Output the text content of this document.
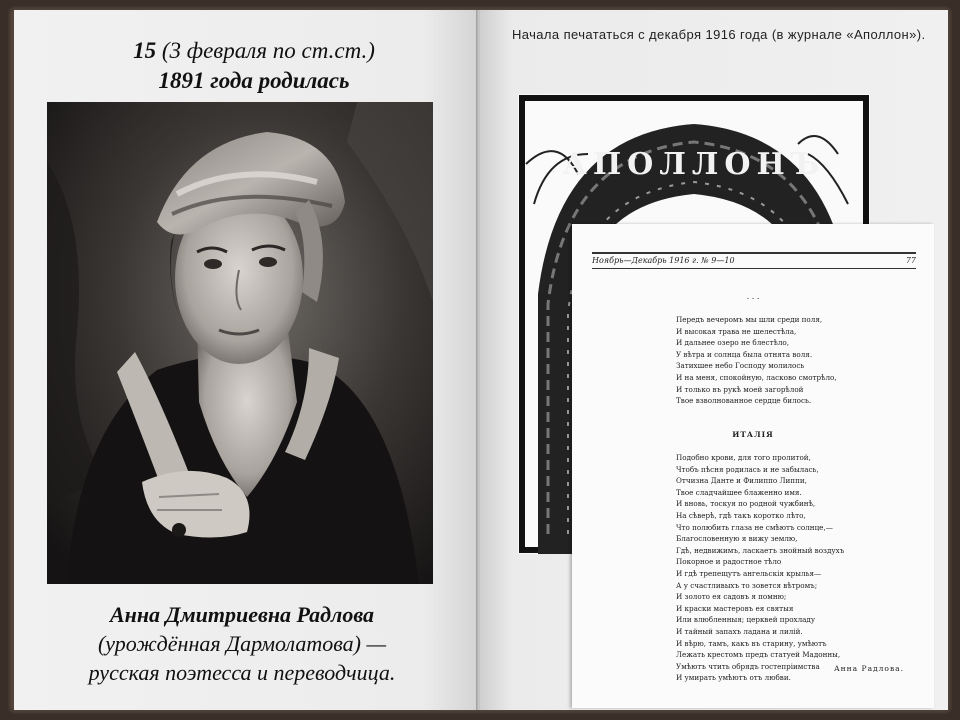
15 (3 февраля по ст.ст.)
1891 года родилась
Анна Дмитриевна Радлова
(урождённая Дармолатова) —
русская поэтесса и переводчица.
Начала печататься с декабря 1916 года (в журнале «Аполлон»).
АПОЛЛОНЪ
Ноябрь—Декабрь 1916 г. № 9—10	77
. . .
Передъ вечеромъ мы шли среди поля,
И высокая трава не шелестѣла,
И дальнее озеро не блестѣло,
У вѣтра и солнца была отнята воля.
Затихшее небо Господу молилось
И на меня, спокойную, ласково смотрѣло,
И только въ рукѣ моей загорѣлой
Твое взволнованное сердце билось.
ИТАЛІЯ
Подобно крови, для того пролитой,
Чтобъ пѣсня родилась и не забылась,
Отчизна Данте и Филиппо Липпи,
Твое сладчайшее блаженно имя.
И вновь, тоскуя по родной чужбинѣ,
На сѣверѣ, гдѣ такъ коротко лѣто,
Что полюбить глаза не смѣютъ солнце,—
Благословенную я вижу землю,
Гдѣ, недвижимъ, ласкаетъ знойный воздухъ
Покорное и радостное тѣло
И гдѣ трепещутъ ангельскія крылья—
А у счастливыхъ то зовется вѣтромъ;
И золото ея садовъ я помню;
И краски мастеровъ ея святыя
Или влюбленныя; церквей прохладу
И тайный запахъ ладана и лилій.
И вѣрю, тамъ, какъ въ старину, умѣютъ
Лежать крестомъ предъ статуей Мадонны,
Умѣютъ чтить обрядъ гостепріимства
И умирать умѣютъ отъ любви.
Анна Радлова.
